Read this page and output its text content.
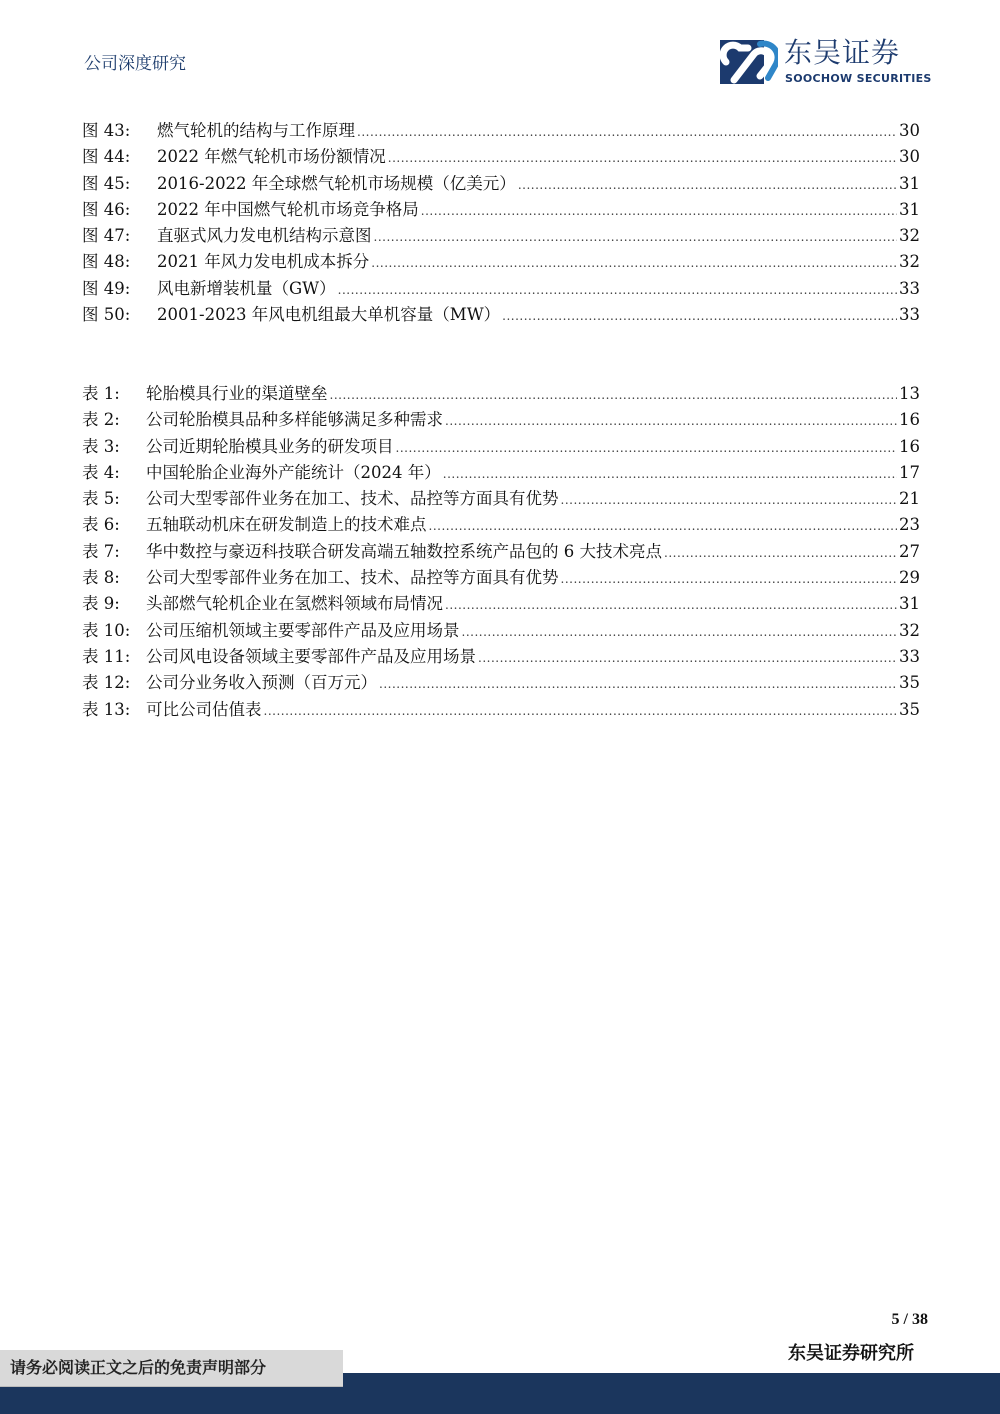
公司深度研究	东吴证券
SOOCHOW SECURITIES
图 43:	燃气轮机的结构与工作原理 .....	30
图 44:	2022 年燃气轮机市场份额情况 .....	30
图 45:	2016-2022 年全球燃气轮机市场规模（亿美元） .....	31
图 46:	2022 年中国燃气轮机市场竞争格局 .....	31
图 47:	直驱式风力发电机结构示意图 .....	32
图 48:	2021 年风力发电机成本拆分 .....	32
图 49:	风电新增装机量（GW） .....	33
图 50:	2001-2023 年风电机组最大单机容量（MW） .....	33
表 1:	轮胎模具行业的渠道壁垒 .....	13
表 2:	公司轮胎模具品种多样能够满足多种需求 .....	16
表 3:	公司近期轮胎模具业务的研发项目 .....	16
表 4:	中国轮胎企业海外产能统计（2024 年） .....	17
表 5:	公司大型零部件业务在加工、技术、品控等方面具有优势 .....	21
表 6:	五轴联动机床在研发制造上的技术难点 .....	23
表 7:	华中数控与豪迈科技联合研发高端五轴数控系统产品包的 6 大技术亮点 .....	27
表 8:	公司大型零部件业务在加工、技术、品控等方面具有优势 .....	29
表 9:	头部燃气轮机企业在氢燃料领域布局情况 .....	31
表 10: 公司压缩机领域主要零部件产品及应用场景 .....	32
表 11: 公司风电设备领域主要零部件产品及应用场景 .....	33
表 12: 公司分业务收入预测（百万元） .....	35
表 13: 可比公司估值表 .....	35
5 / 38
东吴证券研究所
请务必阅读正文之后的免责声明部分
